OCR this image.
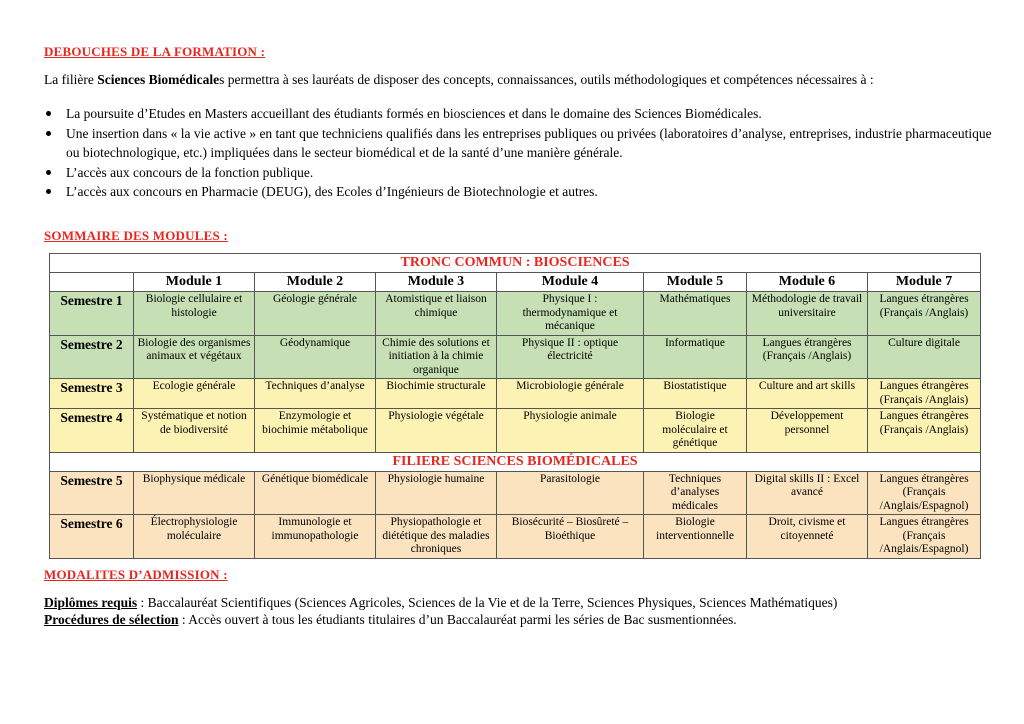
DEBOUCHES DE LA FORMATION :
La filière Sciences Biomédicales permettra à ses lauréats de disposer des concepts, connaissances, outils méthodologiques et compétences nécessaires à :
La poursuite d’Etudes en Masters accueillant des étudiants formés en biosciences et dans le domaine des Sciences Biomédicales.
Une insertion dans « la vie active » en tant que techniciens qualifiés dans les entreprises publiques ou privées (laboratoires d’analyse, entreprises, industrie pharmaceutique ou biotechnologique, etc.) impliquées dans le secteur biomédical et de la santé d’une manière générale.
L’accès aux concours de la fonction publique.
L’accès aux concours en Pharmacie (DEUG), des Ecoles d’Ingénieurs de Biotechnologie et autres.
SOMMAIRE DES MODULES :
TRONC COMMUN : BIOSCIENCES							
	Module 1	Module 2	Module 3	Module 4	Module 5	Module 6	Module 7
Semestre 1	Biologie cellulaire et histologie	Géologie générale	Atomistique et liaison chimique	Physique I : thermodynamique et mécanique	Mathématiques	Méthodologie de travail universitaire	Langues étrangères (Français /Anglais)
Semestre 2	Biologie des organismes animaux et végétaux	Géodynamique	Chimie des solutions et initiation à la chimie organique	Physique II : optique électricité	Informatique	Langues étrangères (Français /Anglais)	Culture digitale
Semestre 3	Ecologie générale	Techniques d’analyse	Biochimie structurale	Microbiologie générale	Biostatistique	Culture and art skills	Langues étrangères (Français /Anglais)
Semestre 4	Systématique et notion de biodiversité	Enzymologie et biochimie métabolique	Physiologie végétale	Physiologie animale	Biologie moléculaire et génétique	Développement personnel	Langues étrangères (Français /Anglais)
FILIERE SCIENCES BIOMÉDICALES							
Semestre 5	Biophysique médicale	Génétique biomédicale	Physiologie humaine	Parasitologie	Techniques d’analyses médicales	Digital skills II : Excel avancé	Langues étrangères (Français /Anglais/Espagnol)
Semestre 6	Électrophysiologie moléculaire	Immunologie et immunopathologie	Physiopathologie et diététique des maladies chroniques	Biosécurité – Biosûreté – Bioéthique	Biologie interventionnelle	Droit, civisme et citoyenneté	Langues étrangères (Français /Anglais/Espagnol)
MODALITES D’ADMISSION :
Diplômes requis : Baccalauréat Scientifiques (Sciences Agricoles, Sciences de la Vie et de la Terre, Sciences Physiques, Sciences Mathématiques)
Procédures de sélection : Accès ouvert à tous les étudiants titulaires d’un Baccalauréat parmi les séries de Bac susmentionnées.
